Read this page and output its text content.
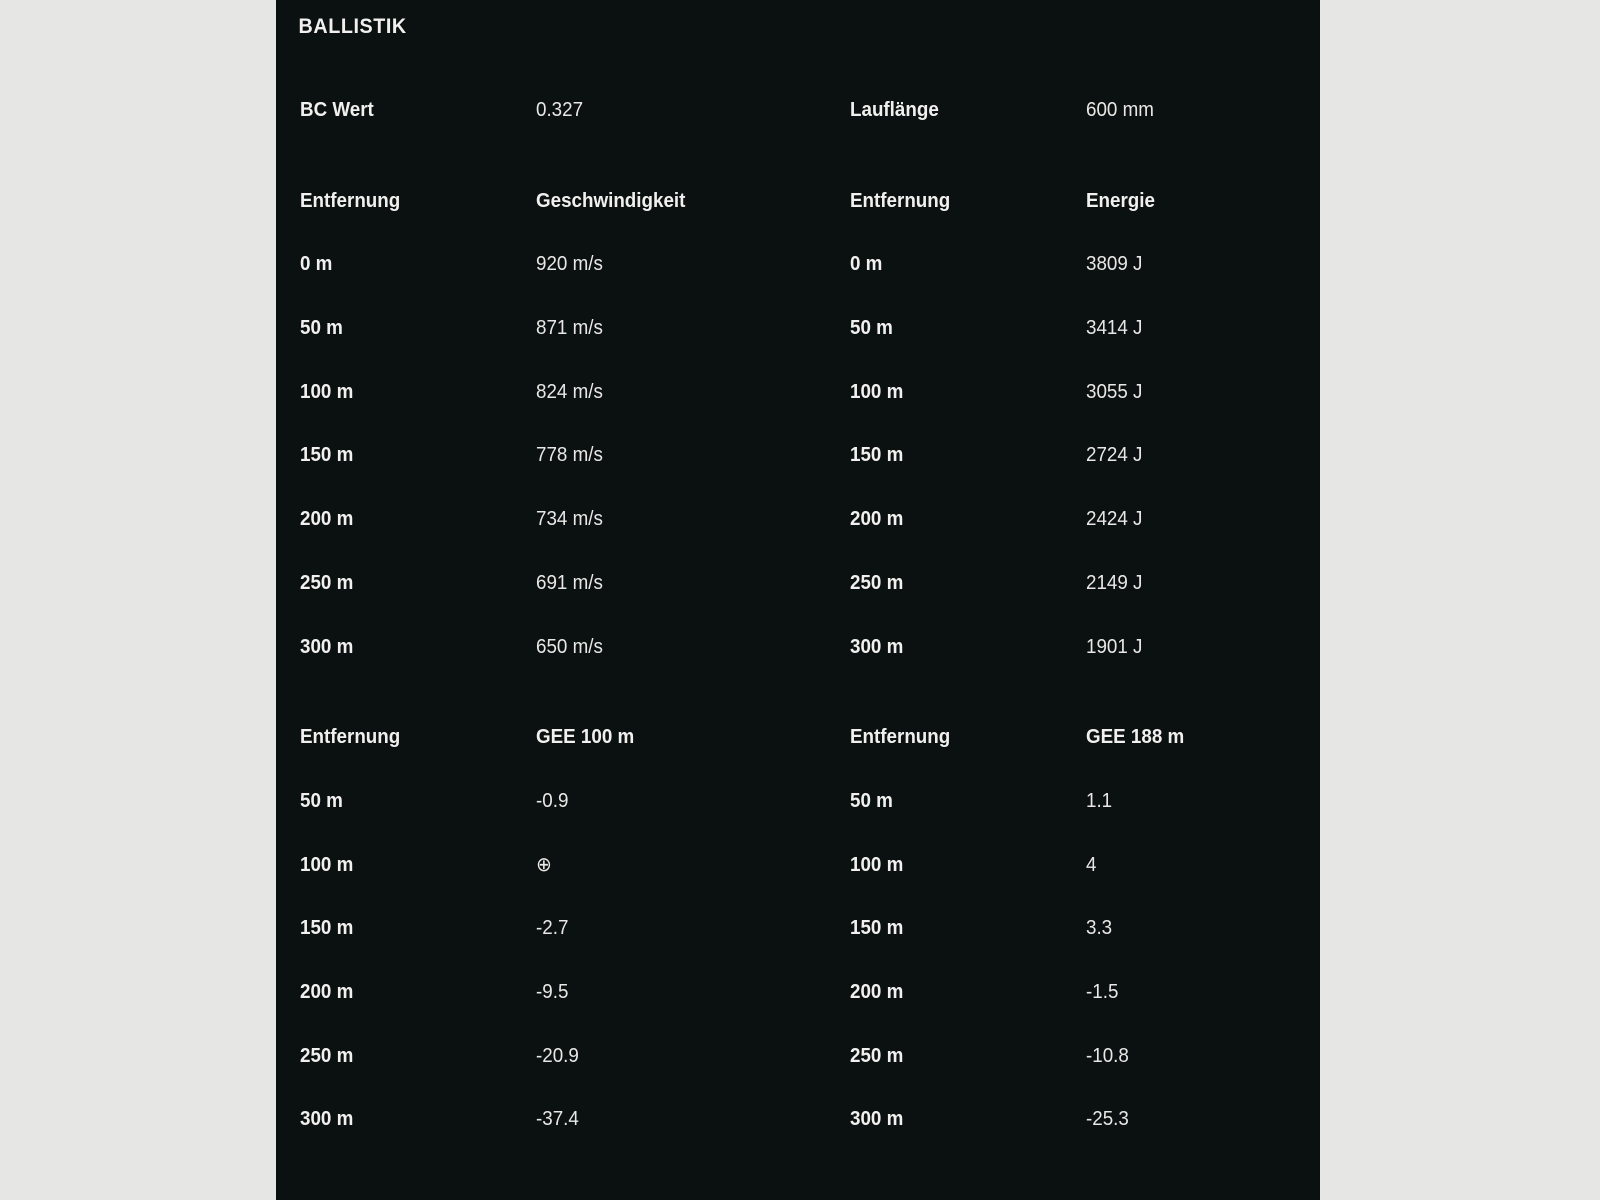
BALLISTIK
BC Wert	0.327	Lauflänge	600 mm
Entfernung	Geschwindigkeit	Entfernung	Energie
0 m	920 m/s	0 m	3809 J
50 m	871 m/s	50 m	3414 J
100 m	824 m/s	100 m	3055 J
150 m	778 m/s	150 m	2724 J
200 m	734 m/s	200 m	2424 J
250 m	691 m/s	250 m	2149 J
300 m	650 m/s	300 m	1901 J
Entfernung	GEE 100 m	Entfernung	GEE 188 m
50 m	-0.9	50 m	1.1
100 m	⊕	100 m	4
150 m	-2.7	150 m	3.3
200 m	-9.5	200 m	-1.5
250 m	-20.9	250 m	-10.8
300 m	-37.4	300 m	-25.3
